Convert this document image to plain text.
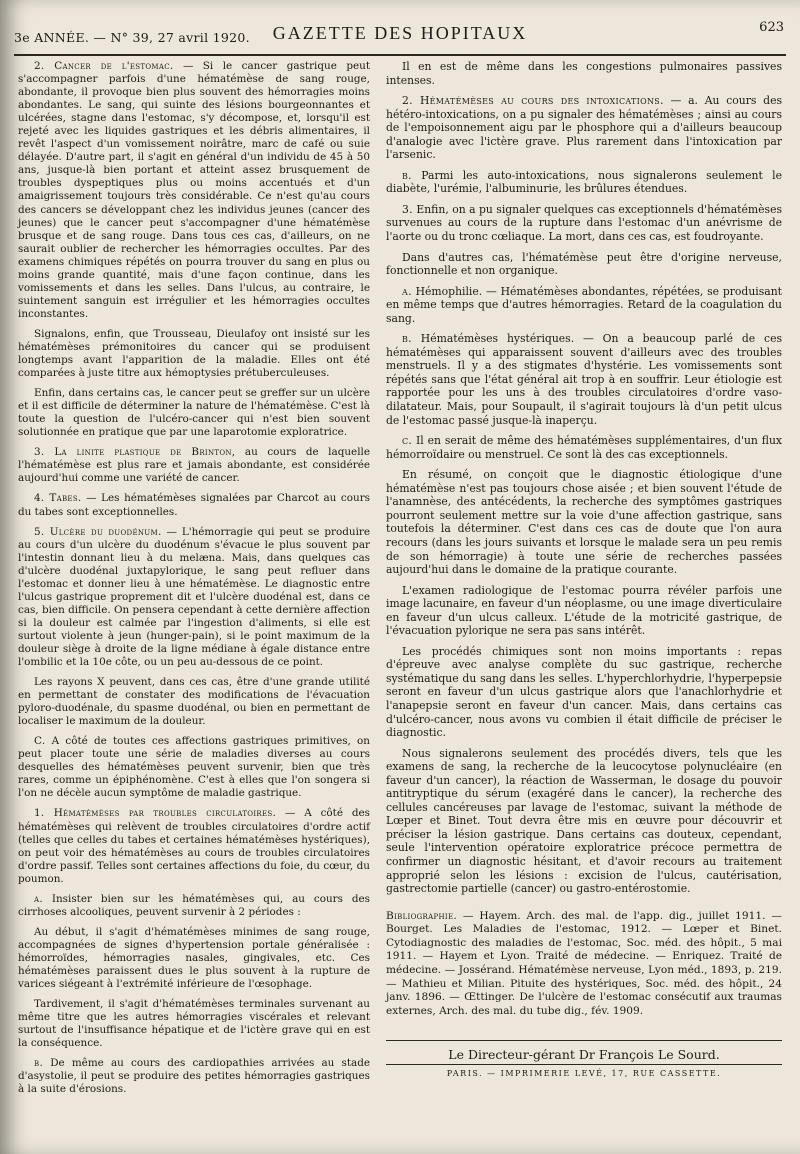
3e ANNÉE. — N° 39, 27 avril 1920.	GAZETTE DES HOPITAUX	623

2. Cancer de l'estomac. — Si le cancer gastrique peut s'accompagner parfois d'une hématémèse de sang rouge, abondante, il provoque bien plus souvent des hémorragies moins abondantes. Le sang, qui suinte des lésions bourgeonnantes et ulcérées, stagne dans l'estomac, s'y décompose, et, lorsqu'il est rejeté avec les liquides gastriques et les débris alimentaires, il revêt l'aspect d'un vomissement noirâtre, marc de café ou suie délayée. D'autre part, il s'agit en général d'un individu de 45 à 50 ans, jusque-là bien portant et atteint assez brusquement de troubles dyspeptiques plus ou moins accentués et d'un amaigrissement toujours très considérable. Ce n'est qu'au cours des cancers se développant chez les individus jeunes (cancer des jeunes) que le cancer peut s'accompagner d'une hématémèse brusque et de sang rouge. Dans tous ces cas, d'ailleurs, on ne saurait oublier de rechercher les hémorragies occultes. Par des examens chimiques répétés on pourra trouver du sang en plus ou moins grande quantité, mais d'une façon continue, dans les vomissements et dans les selles. Dans l'ulcus, au contraire, le suintement sanguin est irrégulier et les hémorragies occultes inconstantes.

Signalons, enfin, que Trousseau, Dieulafoy ont insisté sur les hématémèses prémonitoires du cancer qui se produisent longtemps avant l'apparition de la maladie. Elles ont été comparées à juste titre aux hémoptysies prétuberculeuses.

Enfin, dans certains cas, le cancer peut se greffer sur un ulcère et il est difficile de déterminer la nature de l'hématémèse. C'est là toute la question de l'ulcéro-cancer qui n'est bien souvent solutionnée en pratique que par une laparotomie exploratrice.

3. La linite plastique de Brinton, au cours de laquelle l'hématémèse est plus rare et jamais abondante, est considérée aujourd'hui comme une variété de cancer.

4. Tabes. — Les hématémèses signalées par Charcot au cours du tabes sont exceptionnelles.

5. Ulcère du duodénum. — L'hémorragie qui peut se produire au cours d'un ulcère du duodénum s'évacue le plus souvent par l'intestin donnant lieu à du melæna. Mais, dans quelques cas d'ulcère duodénal juxtapylorique, le sang peut refluer dans l'estomac et donner lieu à une hématémèse. Le diagnostic entre l'ulcus gastrique proprement dit et l'ulcère duodénal est, dans ce cas, bien difficile. On pensera cependant à cette dernière affection si la douleur est calmée par l'ingestion d'aliments, si elle est surtout violente à jeun (hunger-pain), si le point maximum de la douleur siège à droite de la ligne médiane à égale distance entre l'ombilic et la 10e côte, ou un peu au-dessous de ce point.

Les rayons X peuvent, dans ces cas, être d'une grande utilité en permettant de constater des modifications de l'évacuation pyloro-duodénale, du spasme duodénal, ou bien en permettant de localiser le maximum de la douleur.

C. A côté de toutes ces affections gastriques primitives, on peut placer toute une série de maladies diverses au cours desquelles des hématémèses peuvent survenir, bien que très rares, comme un épiphénomène. C'est à elles que l'on songera si l'on ne décèle aucun symptôme de maladie gastrique.

1. Hématémèses par troubles circulatoires. — A côté des hématémèses qui relèvent de troubles circulatoires d'ordre actif (telles que celles du tabes et certaines hématémèses hystériques), on peut voir des hématémèses au cours de troubles circulatoires d'ordre passif. Telles sont certaines affections du foie, du cœur, du poumon.

a. Insister bien sur les hématémèses qui, au cours des cirrhoses alcooliques, peuvent survenir à 2 périodes :

Au début, il s'agit d'hématémèses minimes de sang rouge, accompagnées de signes d'hypertension portale généralisée : hémorroïdes, hémorragies nasales, gingivales, etc. Ces hématémèses paraissent dues le plus souvent à la rupture de varices siégeant à l'extrémité inférieure de l'œsophage.

Tardivement, il s'agit d'hématémèses terminales survenant au même titre que les autres hémorragies viscérales et relevant surtout de l'insuffisance hépatique et de l'ictère grave qui en est la conséquence.

b. De même au cours des cardiopathies arrivées au stade d'asystolie, il peut se produire des petites hémorragies gastriques à la suite d'érosions.

Il en est de même dans les congestions pulmonaires passives intenses.

2. Hématémèses au cours des intoxications. — a. Au cours des hétéro-intoxications, on a pu signaler des hématémèses ; ainsi au cours de l'empoisonnement aigu par le phosphore qui a d'ailleurs beaucoup d'analogie avec l'ictère grave. Plus rarement dans l'intoxication par l'arsenic.

b. Parmi les auto-intoxications, nous signalerons seulement le diabète, l'urémie, l'albuminurie, les brûlures étendues.

3. Enfin, on a pu signaler quelques cas exceptionnels d'hématémèses survenues au cours de la rupture dans l'estomac d'un anévrisme de l'aorte ou du tronc cœliaque. La mort, dans ces cas, est foudroyante.

Dans d'autres cas, l'hématémèse peut être d'origine nerveuse, fonctionnelle et non organique.

a. Hémophilie. — Hématémèses abondantes, répétées, se produisant en même temps que d'autres hémorragies. Retard de la coagulation du sang.

b. Hématémèses hystériques. — On a beaucoup parlé de ces hématémèses qui apparaissent souvent d'ailleurs avec des troubles menstruels. Il y a des stigmates d'hystérie. Les vomissements sont répétés sans que l'état général ait trop à en souffrir. Leur étiologie est rapportée pour les uns à des troubles circulatoires d'ordre vaso-dilatateur. Mais, pour Soupault, il s'agirait toujours là d'un petit ulcus de l'estomac passé jusque-là inaperçu.

c. Il en serait de même des hématémèses supplémentaires, d'un flux hémorroïdaire ou menstruel. Ce sont là des cas exceptionnels.

En résumé, on conçoit que le diagnostic étiologique d'une hématémèse n'est pas toujours chose aisée ; et bien souvent l'étude de l'anamnèse, des antécédents, la recherche des symptômes gastriques pourront seulement mettre sur la voie d'une affection gastrique, sans toutefois la déterminer. C'est dans ces cas de doute que l'on aura recours (dans les jours suivants et lorsque le malade sera un peu remis de son hémorragie) à toute une série de recherches passées aujourd'hui dans le domaine de la pratique courante.

L'examen radiologique de l'estomac pourra révéler parfois une image lacunaire, en faveur d'un néoplasme, ou une image diverticulaire en faveur d'un ulcus calleux. L'étude de la motricité gastrique, de l'évacuation pylorique ne sera pas sans intérêt.

Les procédés chimiques sont non moins importants : repas d'épreuve avec analyse complète du suc gastrique, recherche systématique du sang dans les selles. L'hyperchlorhydrie, l'hyperpepsie seront en faveur d'un ulcus gastrique alors que l'anachlorhydrie et l'anapepsie seront en faveur d'un cancer. Mais, dans certains cas d'ulcéro-cancer, nous avons vu combien il était difficile de préciser le diagnostic.

Nous signalerons seulement des procédés divers, tels que les examens de sang, la recherche de la leucocytose polynucléaire (en faveur d'un cancer), la réaction de Wasserman, le dosage du pouvoir antitryptique du sérum (exagéré dans le cancer), la recherche des cellules cancéreuses par lavage de l'estomac, suivant la méthode de Lœper et Binet. Tout devra être mis en œuvre pour découvrir et préciser la lésion gastrique. Dans certains cas douteux, cependant, seule l'intervention opératoire exploratrice précoce permettra de confirmer un diagnostic hésitant, et d'avoir recours au traitement approprié selon les lésions : excision de l'ulcus, cautérisation, gastrectomie partielle (cancer) ou gastro-entérostomie.

Bibliographie. — Hayem. Arch. des mal. de l'app. dig., juillet 1911. — Bourget. Les Maladies de l'estomac, 1912. — Lœper et Binet. Cytodiagnostic des maladies de l'estomac, Soc. méd. des hôpit., 5 mai 1911. — Hayem et Lyon. Traité de médecine. — Enriquez. Traité de médecine. — Jossérand. Hématémèse nerveuse, Lyon méd., 1893, p. 219. — Mathieu et Milian. Pituite des hystériques, Soc. méd. des hôpit., 24 janv. 1896. — Œttinger. De l'ulcère de l'estomac consécutif aux traumas externes, Arch. des mal. du tube dig., fév. 1909.

Le Directeur-gérant Dr François Le Sourd.
PARIS. — IMPRIMERIE LEVÉ, 17, RUE CASSETTE.
